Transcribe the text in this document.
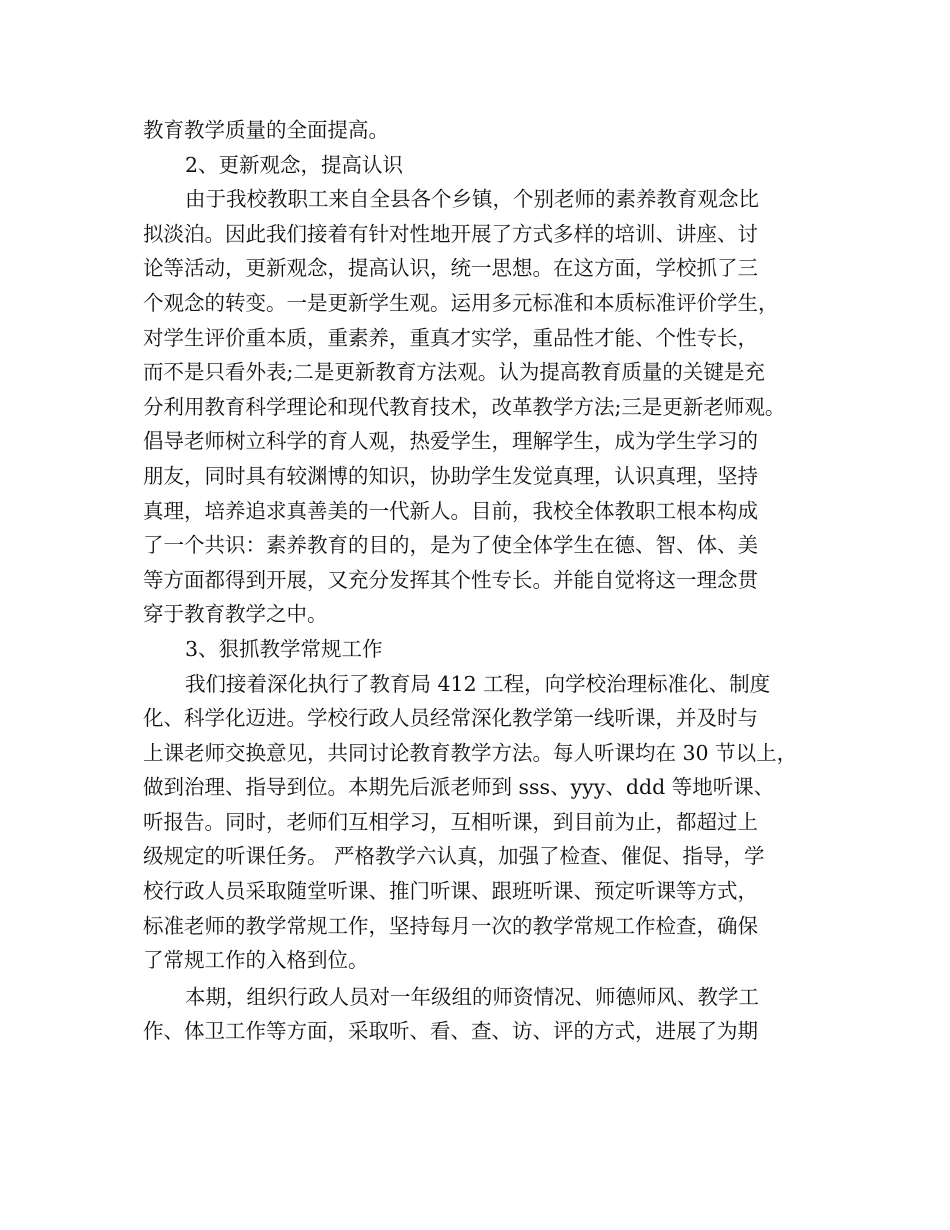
教育教学质量的全面提高。
2、更新观念，提高认识
由于我校教职工来自全县各个乡镇，个别老师的素养教育观念比
拟淡泊。因此我们接着有针对性地开展了方式多样的培训、讲座、讨
论等活动，更新观念，提高认识，统一思想。在这方面，学校抓了三
个观念的转变。一是更新学生观。运用多元标准和本质标准评价学生，
对学生评价重本质，重素养，重真才实学，重品性才能、个性专长，
而不是只看外表;二是更新教育方法观。认为提高教育质量的关键是充
分利用教育科学理论和现代教育技术，改革教学方法;三是更新老师观。
倡导老师树立科学的育人观，热爱学生，理解学生，成为学生学习的
朋友，同时具有较渊博的知识，协助学生发觉真理，认识真理，坚持
真理，培养追求真善美的一代新人。目前，我校全体教职工根本构成
了一个共识：素养教育的目的，是为了使全体学生在德、智、体、美
等方面都得到开展，又充分发挥其个性专长。并能自觉将这一理念贯
穿于教育教学之中。
3、狠抓教学常规工作
我们接着深化执行了教育局 412 工程，向学校治理标准化、制度
化、科学化迈进。学校行政人员经常深化教学第一线听课，并及时与
上课老师交换意见，共同讨论教育教学方法。每人听课均在 30 节以上，
做到治理、指导到位。本期先后派老师到 sss、yyy、ddd 等地听课、
听报告。同时，老师们互相学习，互相听课，到目前为止，都超过上
级规定的听课任务。 严格教学六认真，加强了检查、催促、指导，学
校行政人员采取随堂听课、推门听课、跟班听课、预定听课等方式，
标准老师的教学常规工作，坚持每月一次的教学常规工作检查，确保
了常规工作的入格到位。
本期，组织行政人员对一年级组的师资情况、师德师风、教学工
作、体卫工作等方面，采取听、看、查、访、评的方式，进展了为期
